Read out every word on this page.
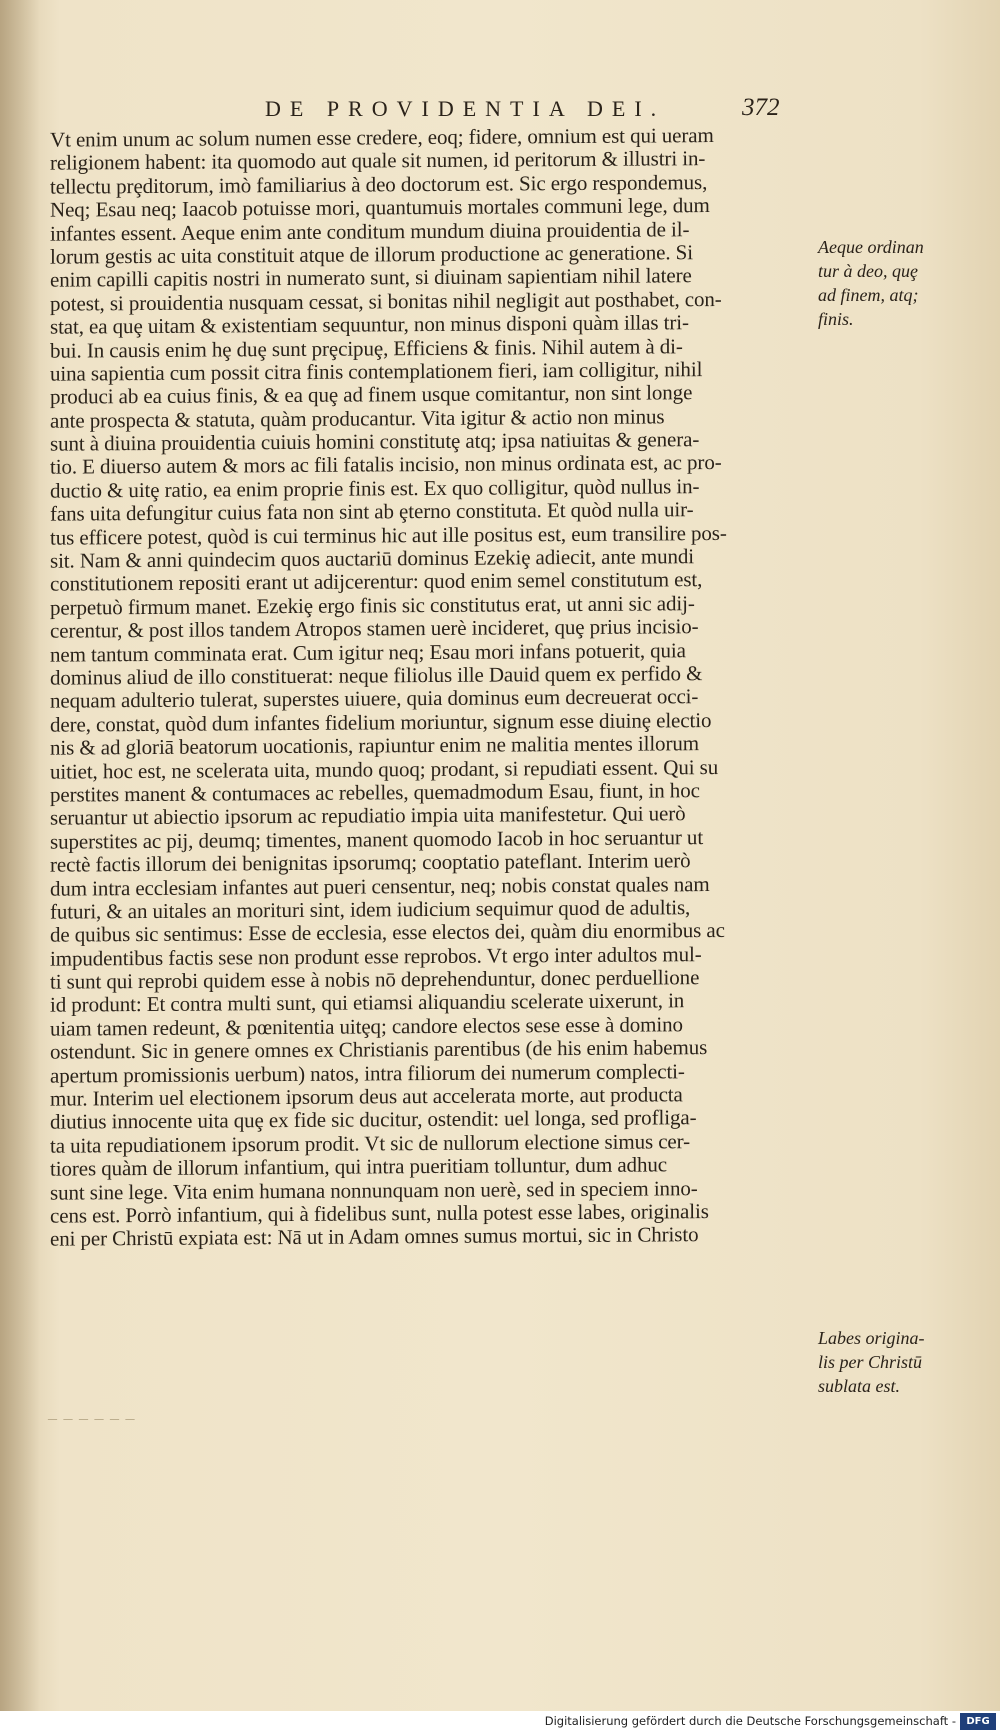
DE PROVIDENTIA DEI.	372
Vt enim unum ac solum numen esse credere, eoq; fidere, omnium est qui ueram
religionem habent: ita quomodo aut quale sit numen, id peritorum & illustri in-
tellectu prȩditorum, imò familiarius à deo doctorum est. Sic ergo respondemus,
Neq; Esau neq; Iaacob potuisse mori, quantumuis mortales communi lege, dum
infantes essent. Aeque enim ante conditum mundum diuina prouidentia de il-
lorum gestis ac uita constituit atque de illorum productione ac generatione. Si
enim capilli capitis nostri in numerato sunt, si diuinam sapientiam nihil latere
potest, si prouidentia nusquam cessat, si bonitas nihil negligit aut posthabet, con-
stat, ea quȩ uitam & existentiam sequuntur, non minus disponi quàm illas tri-
bui. In causis enim hȩ duȩ sunt prȩcipuȩ, Efficiens & finis. Nihil autem à di-
uina sapientia cum possit citra finis contemplationem fieri, iam colligitur, nihil
produci ab ea cuius finis, & ea quȩ ad finem usque comitantur, non sint longe
ante prospecta & statuta, quàm producantur. Vita igitur & actio non minus
sunt à diuina prouidentia cuiuis homini constitutȩ atq; ipsa natiuitas & genera-
tio. E diuerso autem & mors ac fili fatalis incisio, non minus ordinata est, ac pro-
ductio & uitȩ ratio, ea enim proprie finis est. Ex quo colligitur, quòd nullus in-
fans uita defungitur cuius fata non sint ab ȩterno constituta. Et quòd nulla uir-
tus efficere potest, quòd is cui terminus hic aut ille positus est, eum transilire pos-
sit. Nam & anni quindecim quos auctariū dominus Ezekiȩ adiecit, ante mundi
constitutionem repositi erant ut adijcerentur: quod enim semel constitutum est,
perpetuò firmum manet. Ezekiȩ ergo finis sic constitutus erat, ut anni sic adij-
cerentur, & post illos tandem Atropos stamen uerè incideret, quȩ prius incisio-
nem tantum comminata erat. Cum igitur neq; Esau mori infans potuerit, quia
dominus aliud de illo constituerat: neque filiolus ille Dauid quem ex perfido &
nequam adulterio tulerat, superstes uiuere, quia dominus eum decreuerat occi-
dere, constat, quòd dum infantes fidelium moriuntur, signum esse diuinȩ electio
nis & ad gloriā beatorum uocationis, rapiuntur enim ne malitia mentes illorum
uitiet, hoc est, ne scelerata uita, mundo quoq; prodant, si repudiati essent. Qui su
perstites manent & contumaces ac rebelles, quemadmodum Esau, fiunt, in hoc
seruantur ut abiectio ipsorum ac repudiatio impia uita manifestetur. Qui uerò
superstites ac pij, deumq; timentes, manent quomodo Iacob in hoc seruantur ut
rectè factis illorum dei benignitas ipsorumq; cooptatio pateflant. Interim uerò
dum intra ecclesiam infantes aut pueri censentur, neq; nobis constat quales nam
futuri, & an uitales an morituri sint, idem iudicium sequimur quod de adultis,
de quibus sic sentimus: Esse de ecclesia, esse electos dei, quàm diu enormibus ac
impudentibus factis sese non produnt esse reprobos. Vt ergo inter adultos mul-
ti sunt qui reprobi quidem esse à nobis nō deprehenduntur, donec perduellione
id produnt: Et contra multi sunt, qui etiamsi aliquandiu scelerate uixerunt, in
uiam tamen redeunt, & pœnitentia uitȩq; candore electos sese esse à domino
ostendunt. Sic in genere omnes ex Christianis parentibus (de his enim habemus
apertum promissionis uerbum) natos, intra filiorum dei numerum complecti-
mur. Interim uel electionem ipsorum deus aut accelerata morte, aut producta
diutius innocente uita quȩ ex fide sic ducitur, ostendit: uel longa, sed profliga-
ta uita repudiationem ipsorum prodit. Vt sic de nullorum electione simus cer-
tiores quàm de illorum infantium, qui intra pueritiam tolluntur, dum adhuc
sunt sine lege. Vita enim humana nonnunquam non uerè, sed in speciem inno-
cens est. Porrò infantium, qui à fidelibus sunt, nulla potest esse labes, originalis
eni per Christū expiata est: Nā ut in Adam omnes sumus mortui, sic in Christo
Aeque ordinan
tur à deo, quȩ
ad finem, atq;
finis.
Labes origina-
lis per Christū
sublata est.
– – – – – –
Digitalisierung gefördert durch die Deutsche Forschungsgemeinschaft -	DFG
